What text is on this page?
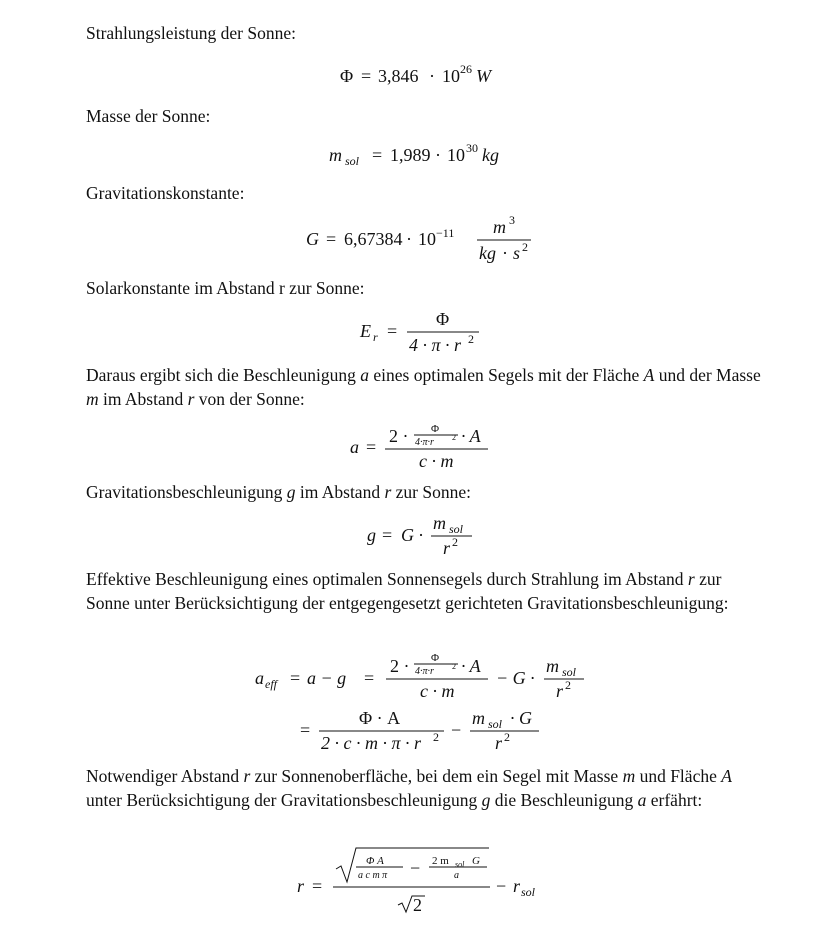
Strahlungsleistung der Sonne:
Φ = 3,846 · 10 26 W
Masse der Sonne:
m sol = 1,989 · 10 30 kg
Gravitationskonstante:
G = 6,67384 · 10 −11 m 3
kg · s 2
Solarkonstante im Abstand r zur Sonne:
E r =
Φ
4 · π · r 2
Daraus ergibt sich die Beschleunigung a eines optimalen Segels mit der Fläche A und der Masse m im Abstand r von der Sonne:
a =
2 · Φ
4·π·r 2 · A
c · m
Gravitationsbeschleunigung g im Abstand r zur Sonne:
g = G ·
m sol
r 2
Effektive Beschleunigung eines optimalen Sonnensegels durch Strahlung im Abstand r zur Sonne unter Berücksichtigung der entgegengesetzt gerichteten Gravitationsbeschleunigung:
a eff = a − g =
2 · Φ
4·π·r 2 · A
c · m
− G ·
m sol
r 2
=
Φ · A
2 · c · m · π · r 2 −
m sol · G
r 2
Notwendiger Abstand r zur Sonnenoberfläche, bei dem ein Segel mit Masse m und Fläche A unter Berücksichtigung der Gravitationsbeschleunigung g die Beschleunigung a erfährt:
r =
Φ A
a c m π − 2 m sol G
a
2
− r sol
